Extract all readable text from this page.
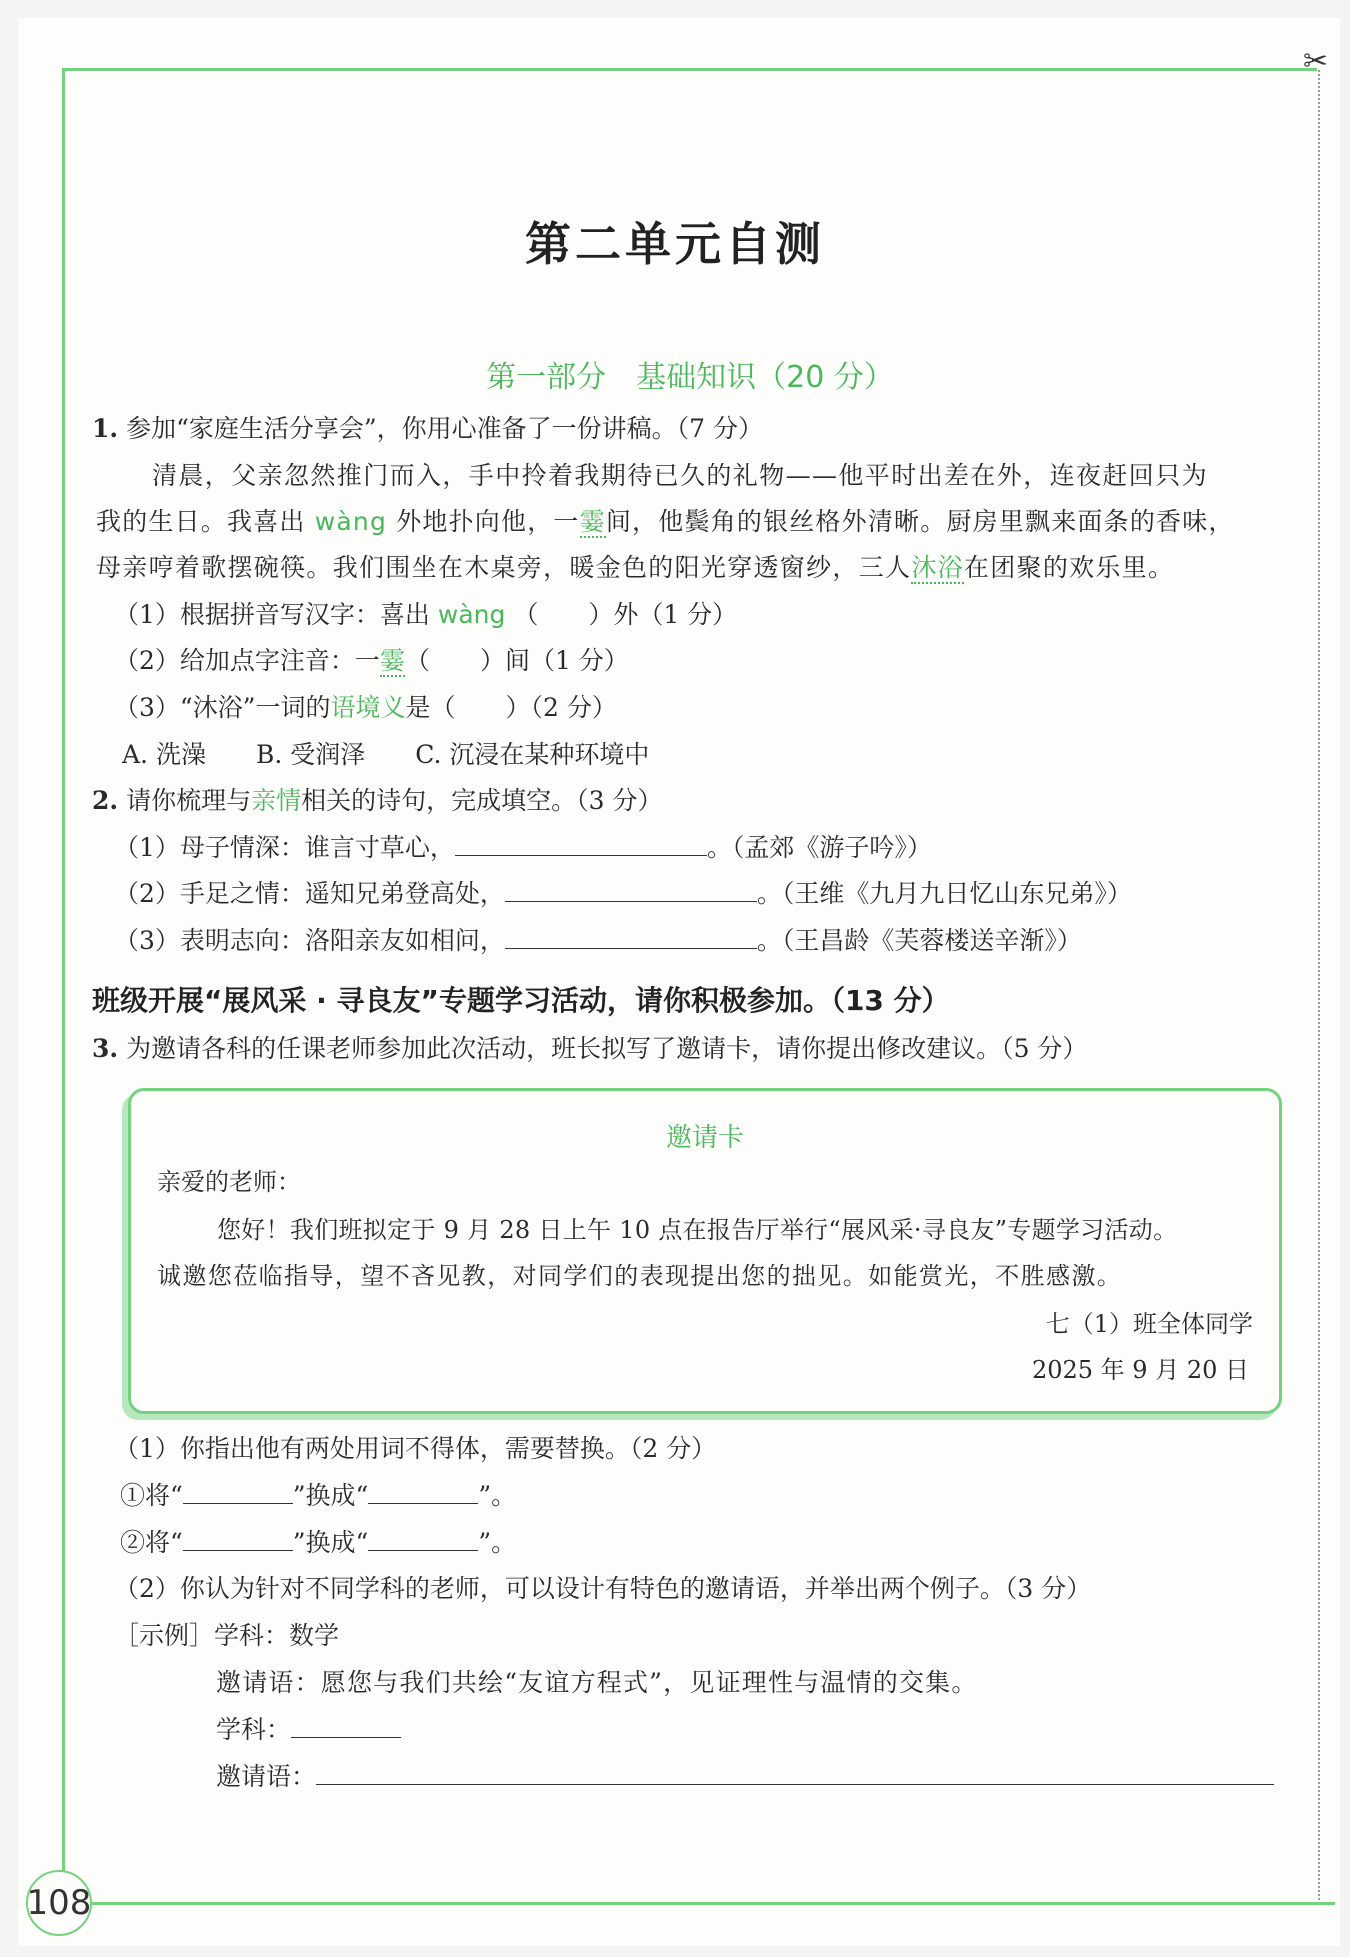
✂
108
第二单元自测
第一部分　基础知识（20 分）
1. 参加“家庭生活分享会”，你用心准备了一份讲稿。（7 分）
清晨，父亲忽然推门而入，手中拎着我期待已久的礼物——他平时出差在外，连夜赶回只为
我的生日。我喜出 wàng 外地扑向他，一霎间，他鬓角的银丝格外清晰。厨房里飘来面条的香味，
母亲哼着歌摆碗筷。我们围坐在木桌旁，暖金色的阳光穿透窗纱，三人沐浴在团聚的欢乐里。
（1）根据拼音写汉字：喜出 wàng （　　）外（1 分）
（2）给加点字注音：一霎（　　）间（1 分）
（3）“沐浴”一词的语境义是（　　）（2 分）
A. 洗澡　　B. 受润泽　　C. 沉浸在某种环境中
2. 请你梳理与亲情相关的诗句，完成填空。（3 分）
（1）母子情深：谁言寸草心，	。（孟郊《游子吟》）
（2）手足之情：遥知兄弟登高处，	。（王维《九月九日忆山东兄弟》）
（3）表明志向：洛阳亲友如相问，	。（王昌龄《芙蓉楼送辛渐》）
班级开展“展风采 · 寻良友”专题学习活动，请你积极参加。（13 分）
3. 为邀请各科的任课老师参加此次活动，班长拟写了邀请卡，请你提出修改建议。（5 分）
邀请卡
亲爱的老师：
您好！我们班拟定于 9 月 28 日上午 10 点在报告厅举行“展风采·寻良友”专题学习活动。
诚邀您莅临指导，望不吝见教，对同学们的表现提出您的拙见。如能赏光，不胜感激。
七（1）班全体同学
2025 年 9 月 20 日
（1）你指出他有两处用词不得体，需要替换。（2 分）
①将“	”换成“	”。
②将“	”换成“	”。
（2）你认为针对不同学科的老师，可以设计有特色的邀请语，并举出两个例子。（3 分）
［示例］学科：数学
邀请语：愿您与我们共绘“友谊方程式”，见证理性与温情的交集。
学科：
邀请语：
